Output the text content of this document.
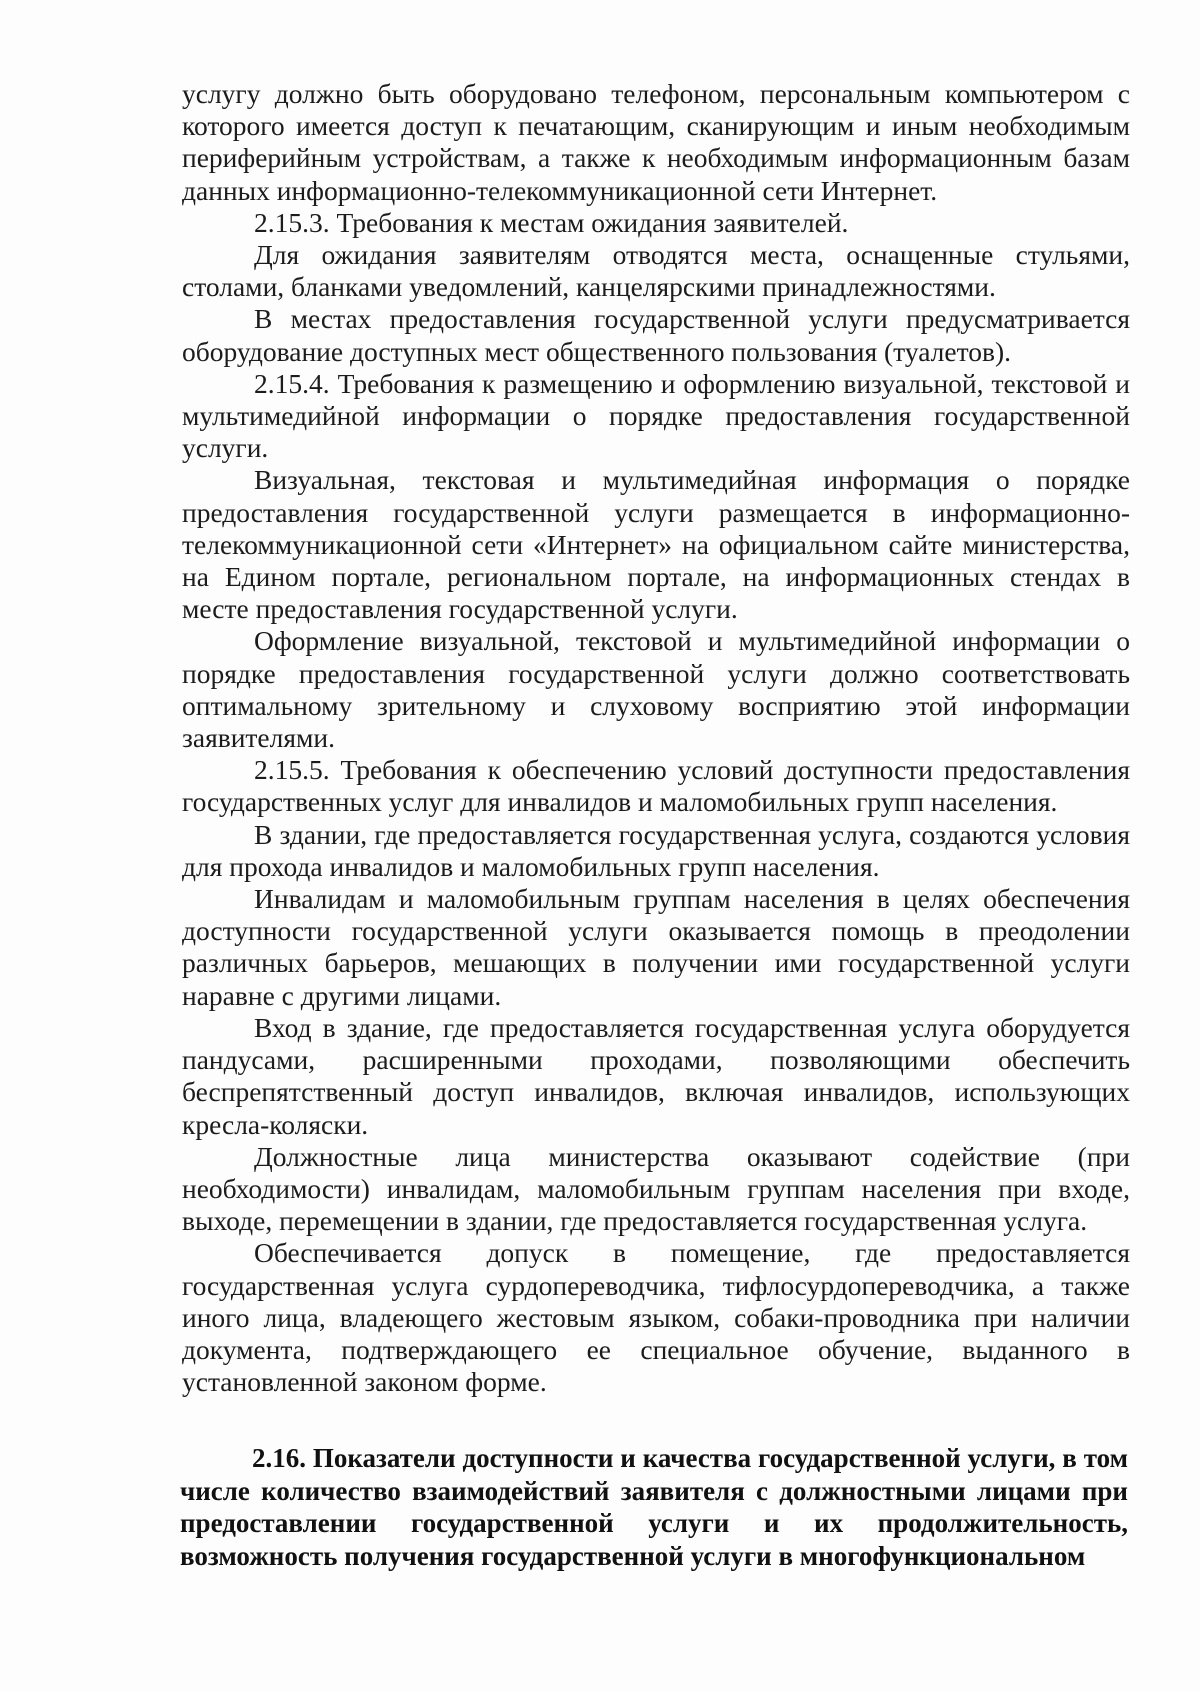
услугу должно быть оборудовано телефоном, персональным компьютером с которого имеется доступ к печатающим, сканирующим и иным необходимым периферийным устройствам, а также к необходимым информационным базам данных информационно-телекоммуникационной сети Интернет.

2.15.3. Требования к местам ожидания заявителей.

Для ожидания заявителям отводятся места, оснащенные стульями, столами, бланками уведомлений, канцелярскими принадлежностями.

В местах предоставления государственной услуги предусматривается оборудование доступных мест общественного пользования (туалетов).

2.15.4. Требования к размещению и оформлению визуальной, текстовой и мультимедийной информации о порядке предоставления государственной услуги.

Визуальная, текстовая и мультимедийная информация о порядке предоставления государственной услуги размещается в информационно-телекоммуникационной сети «Интернет» на официальном сайте министерства, на Едином портале, региональном портале, на информационных стендах в месте предоставления государственной услуги.

Оформление визуальной, текстовой и мультимедийной информации о порядке предоставления государственной услуги должно соответствовать оптимальному зрительному и слуховому восприятию этой информации заявителями.

2.15.5. Требования к обеспечению условий доступности предоставления государственных услуг для инвалидов и маломобильных групп населения.

В здании, где предоставляется государственная услуга, создаются условия для прохода инвалидов и маломобильных групп населения.

Инвалидам и маломобильным группам населения в целях обеспечения доступности государственной услуги оказывается помощь в преодолении различных барьеров, мешающих в получении ими государственной услуги наравне с другими лицами.

Вход в здание, где предоставляется государственная услуга оборудуется пандусами, расширенными проходами, позволяющими обеспечить беспрепятственный доступ инвалидов, включая инвалидов, использующих кресла-коляски.

Должностные лица министерства оказывают содействие (при необходимости) инвалидам, маломобильным группам населения при входе, выходе, перемещении в здании, где предоставляется государственная услуга.

Обеспечивается допуск в помещение, где предоставляется государственная услуга сурдопереводчика, тифлосурдопереводчика, а также иного лица, владеющего жестовым языком, собаки-проводника при наличии документа, подтверждающего ее специальное обучение, выданного в установленной законом форме.

2.16. Показатели доступности и качества государственной услуги, в том числе количество взаимодействий заявителя с должностными лицами при предоставлении государственной услуги и их продолжительность, возможность получения государственной услуги в многофункциональном
